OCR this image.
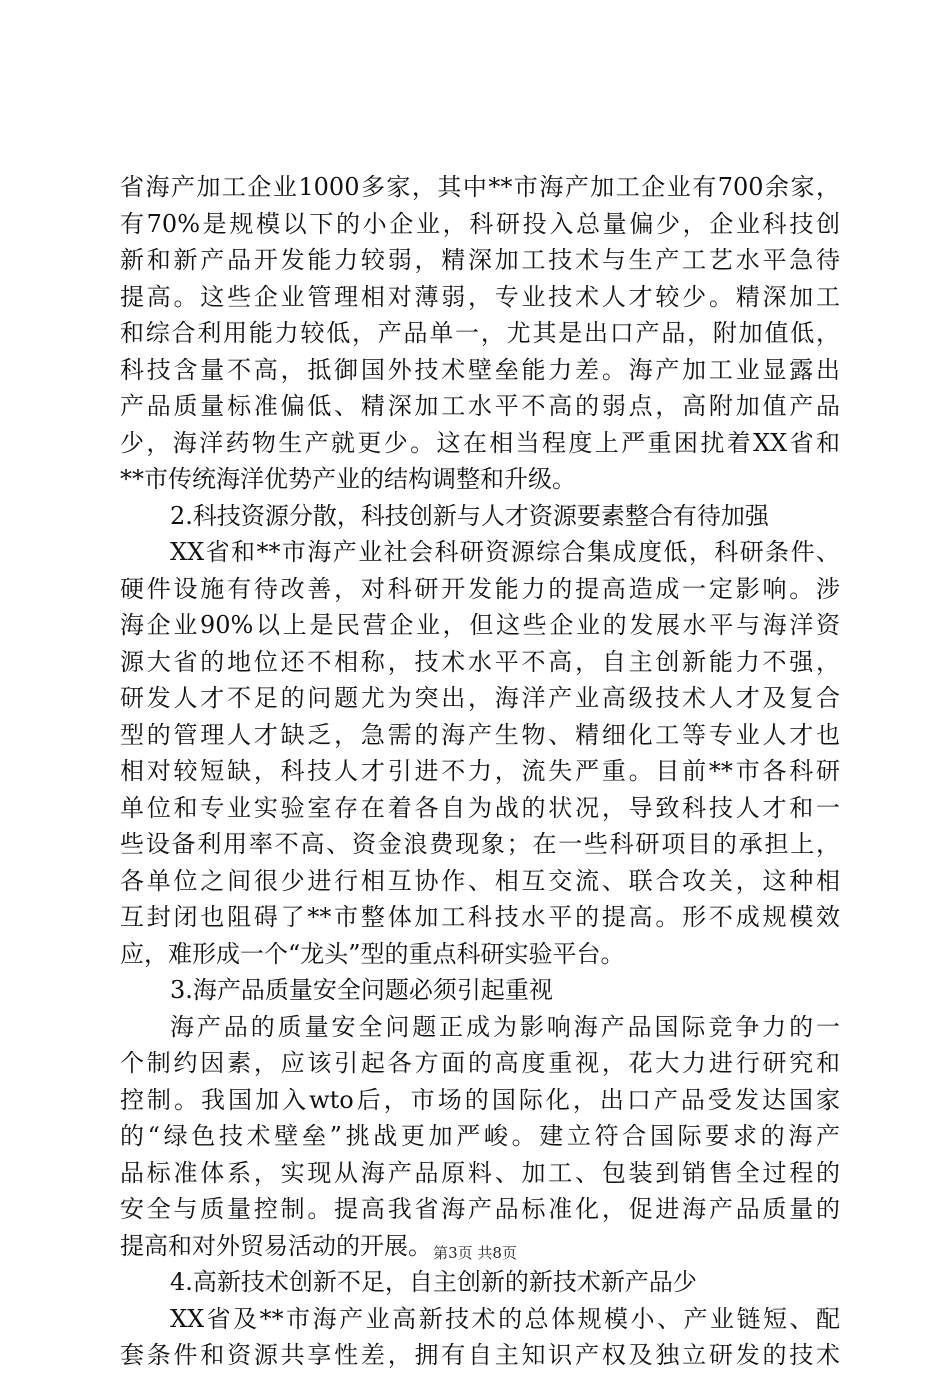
省海产加工企业1000多家，其中**市海产加工企业有700余家，
有70%是规模以下的小企业，科研投入总量偏少，企业科技创
新和新产品开发能力较弱，精深加工技术与生产工艺水平急待
提高。这些企业管理相对薄弱，专业技术人才较少。精深加工
和综合利用能力较低，产品单一，尤其是出口产品，附加值低，
科技含量不高，抵御国外技术壁垒能力差。海产加工业显露出
产品质量标准偏低、精深加工水平不高的弱点，高附加值产品
少，海洋药物生产就更少。这在相当程度上严重困扰着XX省和
**市传统海洋优势产业的结构调整和升级。
2.科技资源分散，科技创新与人才资源要素整合有待加强
XX省和**市海产业社会科研资源综合集成度低，科研条件、
硬件设施有待改善，对科研开发能力的提高造成一定影响。涉
海企业90%以上是民营企业，但这些企业的发展水平与海洋资
源大省的地位还不相称，技术水平不高，自主创新能力不强，
研发人才不足的问题尤为突出，海洋产业高级技术人才及复合
型的管理人才缺乏，急需的海产生物、精细化工等专业人才也
相对较短缺，科技人才引进不力，流失严重。目前**市各科研
单位和专业实验室存在着各自为战的状况，导致科技人才和一
些设备利用率不高、资金浪费现象；在一些科研项目的承担上，
各单位之间很少进行相互协作、相互交流、联合攻关，这种相
互封闭也阻碍了**市整体加工科技水平的提高。形不成规模效
应，难形成一个“龙头”型的重点科研实验平台。
3.海产品质量安全问题必须引起重视
海产品的质量安全问题正成为影响海产品国际竞争力的一
个制约因素，应该引起各方面的高度重视，花大力进行研究和
控制。我国加入wto后，市场的国际化，出口产品受发达国家
的“绿色技术壁垒”挑战更加严峻。建立符合国际要求的海产
品标准体系，实现从海产品原料、加工、包装到销售全过程的
安全与质量控制。提高我省海产品标准化，促进海产品质量的
提高和对外贸易活动的开展。
4.高新技术创新不足，自主创新的新技术新产品少
XX省及**市海产业高新技术的总体规模小、产业链短、配
套条件和资源共享性差，拥有自主知识产权及独立研发的技术
第3页 共8页
